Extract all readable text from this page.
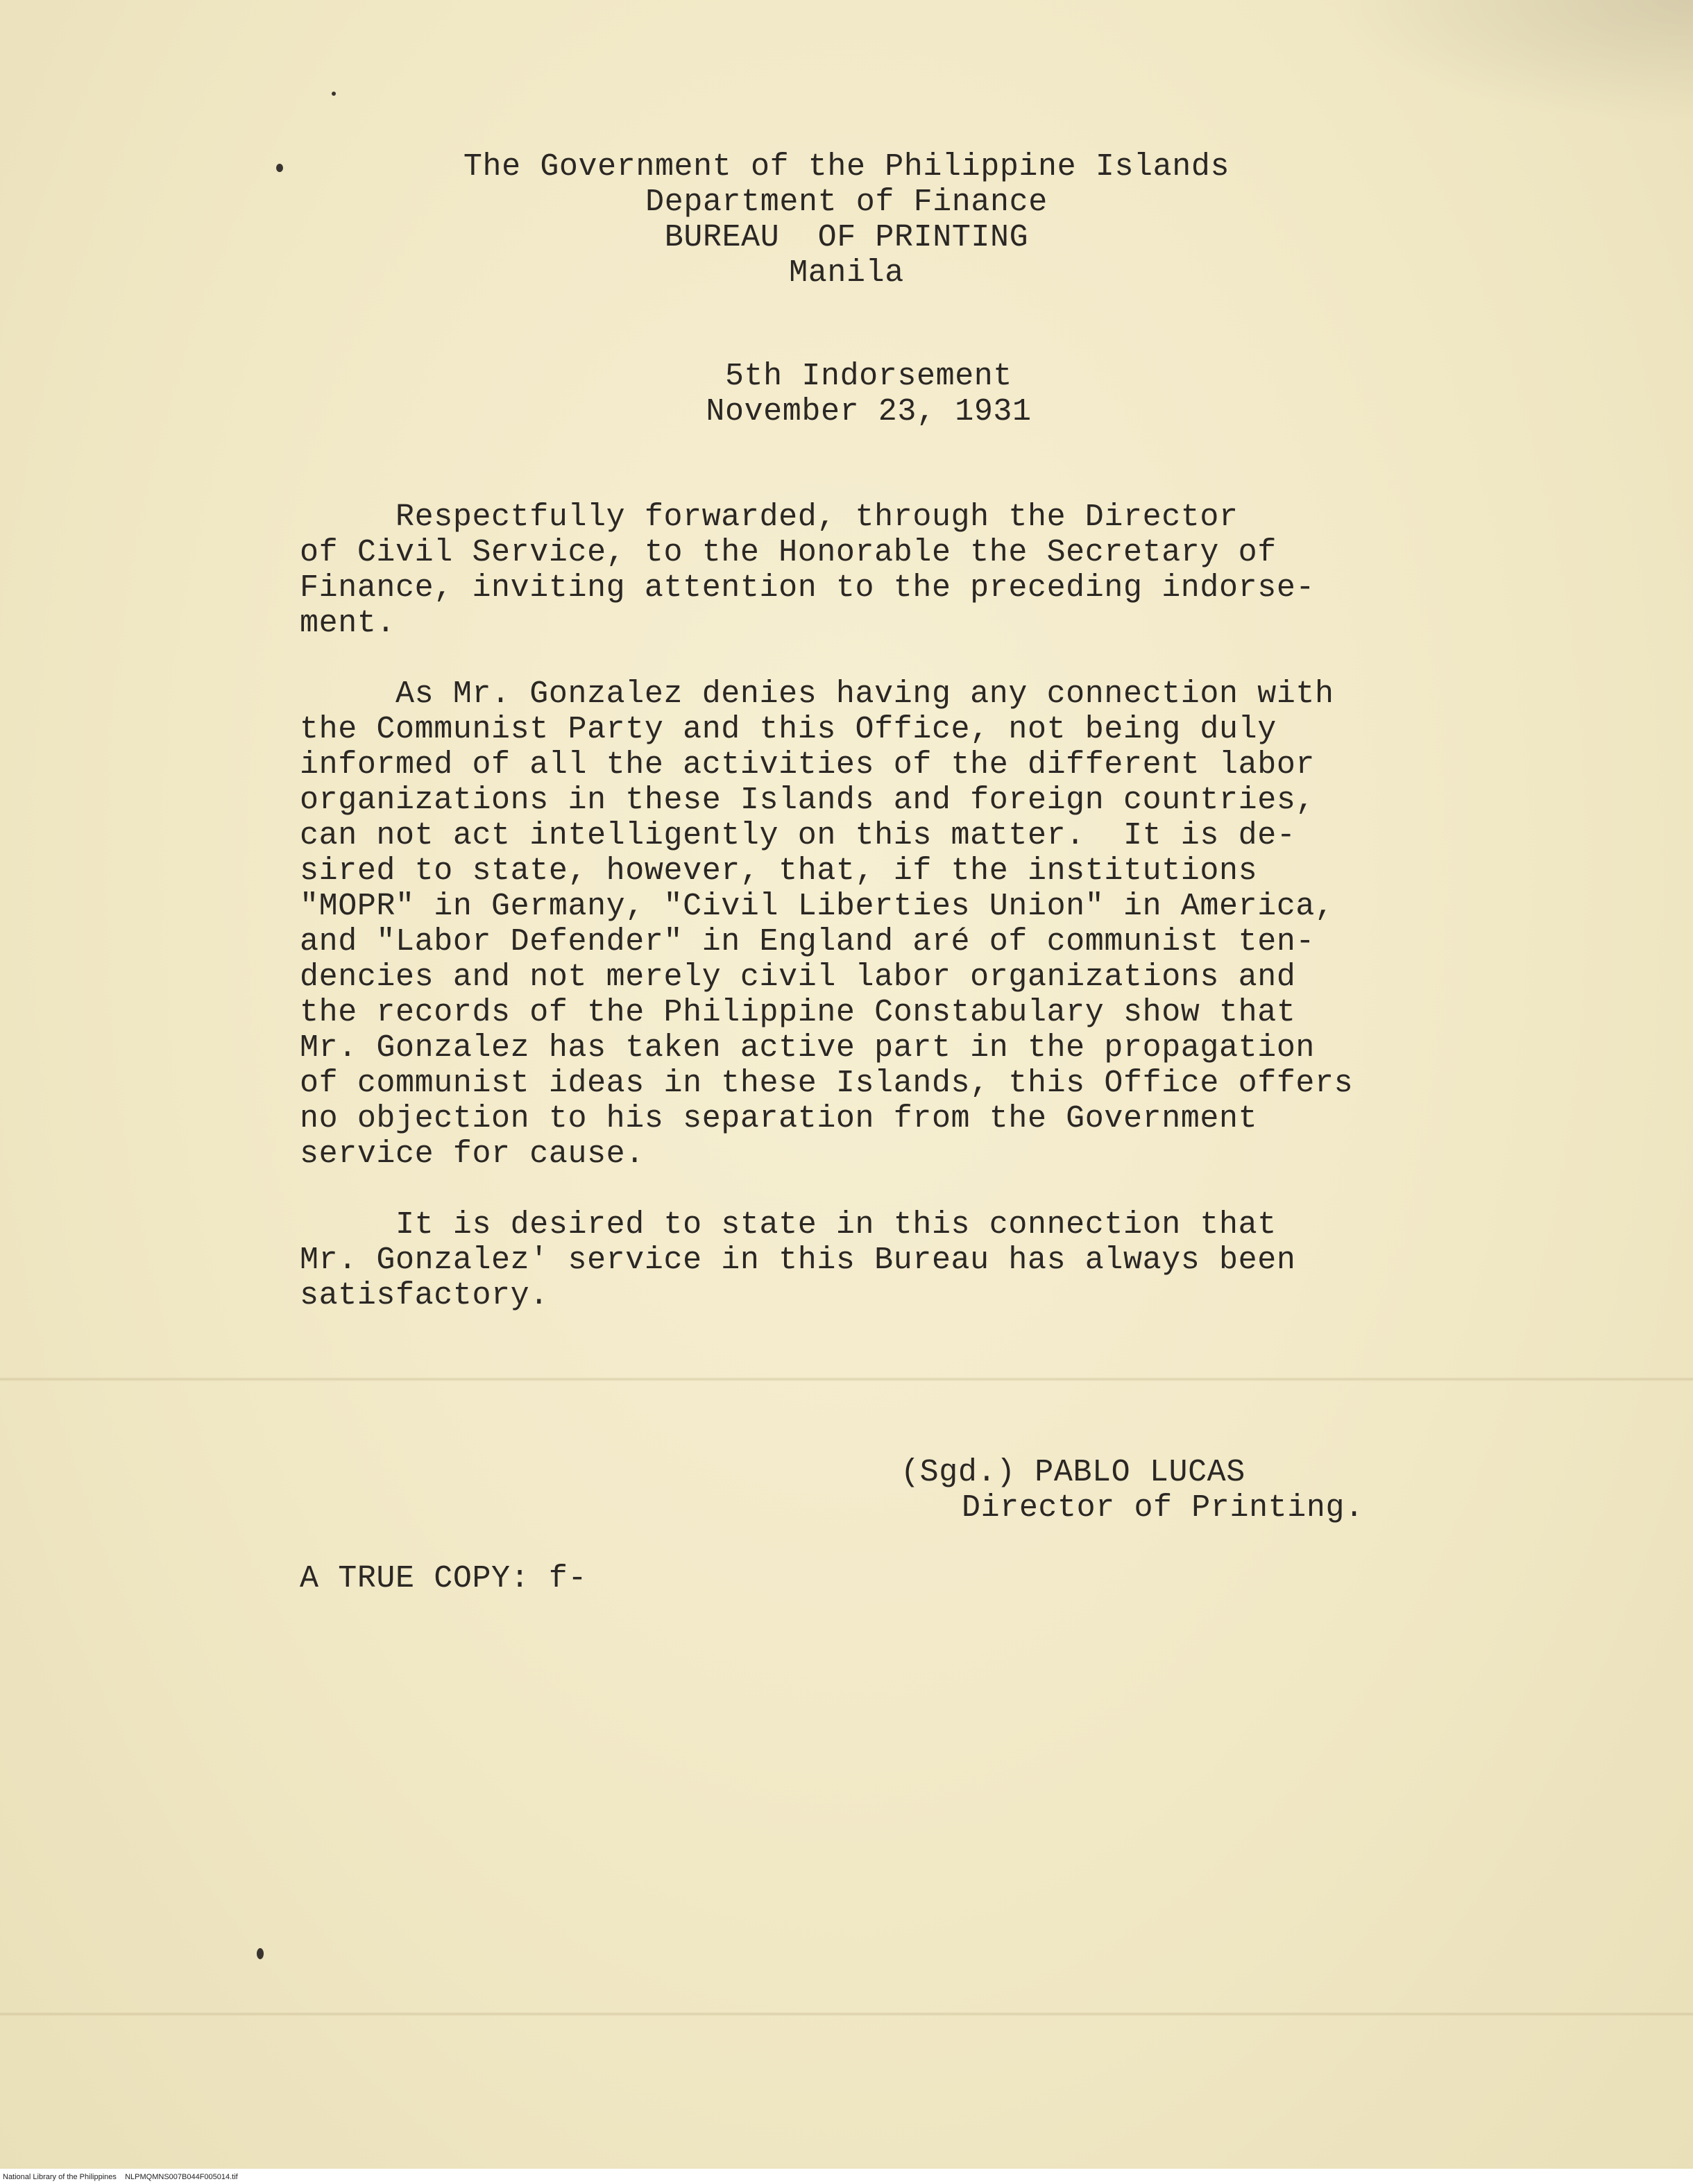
The Government of the Philippine Islands
Department of Finance
BUREAU  OF PRINTING
Manila
5th Indorsement
November 23, 1931
Respectfully forwarded, through the Director
of Civil Service, to the Honorable the Secretary of
Finance, inviting attention to the preceding indorse-
ment.
As Mr. Gonzalez denies having any connection with
the Communist Party and this Office, not being duly
informed of all the activities of the different labor
organizations in these Islands and foreign countries,
can not act intelligently on this matter.  It is de-
sired to state, however, that, if the institutions
"MOPR" in Germany, "Civil Liberties Union" in America,
and "Labor Defender" in England aré of communist ten-
dencies and not merely civil labor organizations and
the records of the Philippine Constabulary show that
Mr. Gonzalez has taken active part in the propagation
of communist ideas in these Islands, this Office offers
no objection to his separation from the Government
service for cause.
It is desired to state in this connection that
Mr. Gonzalez' service in this Bureau has always been
satisfactory.
(Sgd.) PABLO LUCAS
Director of Printing.
A TRUE COPY: f-
National Library of the Philippines    NLPMQMNS007B044F005014.tif
